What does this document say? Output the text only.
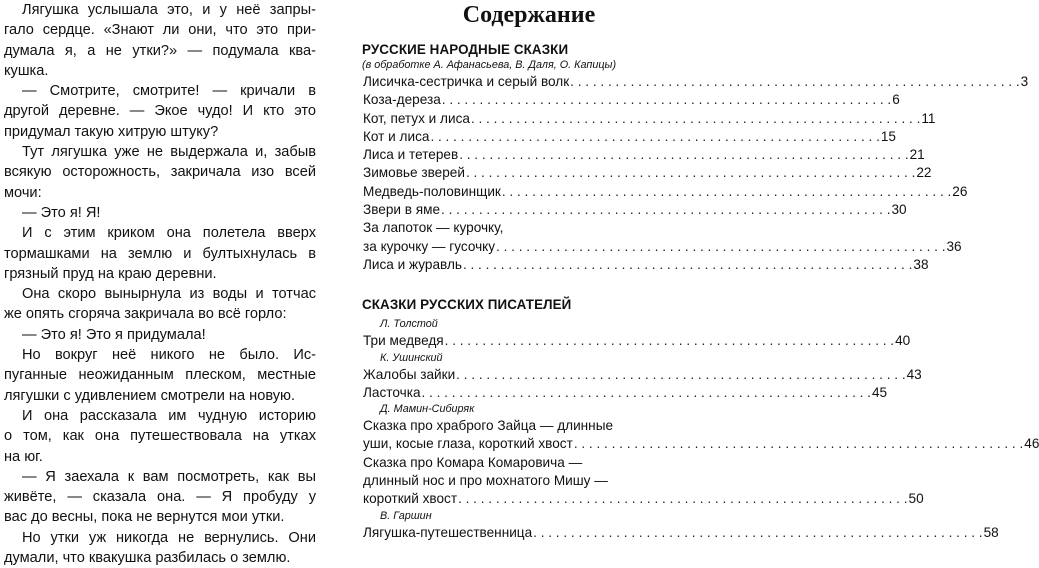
Лягушка услышала это, и у неё запры-
гало сердце. «Знают ли они, что это при-
думала я, а не утки?» — подумала ква-
кушка.
— Смотрите, смотрите! — кричали в
другой деревне. — Экое чудо! И кто это
придумал такую хитрую штуку?
Тут лягушка уже не выдержала и, забыв
всякую осторожность, закричала изо всей
мочи:
— Это я! Я!
И с этим криком она полетела вверх
тормашками на землю и бултыхнулась в
грязный пруд на краю деревни.
Она скоро вынырнула из воды и тотчас
же опять сгоряча закричала во всё горло:
— Это я! Это я придумала!
Но вокруг неё никого не было. Ис-
пуганные неожиданным плеском, местные
лягушки с удивлением смотрели на новую.
И она рассказала им чудную историю
о том, как она путешествовала на утках
на юг.
— Я заехала к вам посмотреть, как вы
живёте, — сказала она. — Я пробуду у
вас до весны, пока не вернутся мои утки.
Но утки уж никогда не вернулись. Они
думали, что квакушка разбилась о землю.
Содержание
РУССКИЕ НАРОДНЫЕ СКАЗКИ
(в обработке А. Афанасьева, В. Даля, О. Капицы)
Лисичка-сестричка и серый волк . . . . . . . . . . . . . . . . . . . . . . . . . . . . . . . . . . . . . . . . . . . . . . . . . . . . . . . . . . . . 3
Коза-дереза . . . . . . . . . . . . . . . . . . . . . . . . . . . . . . . . . . . . . . . . . . . . . . . . . . . . . . . . . . . . 6
Кот, петух и лиса . . . . . . . . . . . . . . . . . . . . . . . . . . . . . . . . . . . . . . . . . . . . . . . . . . . . . . . . . . . . 11
Кот и лиса . . . . . . . . . . . . . . . . . . . . . . . . . . . . . . . . . . . . . . . . . . . . . . . . . . . . . . . . . . . . 15
Лиса и тетерев . . . . . . . . . . . . . . . . . . . . . . . . . . . . . . . . . . . . . . . . . . . . . . . . . . . . . . . . . . . . 21
Зимовье зверей . . . . . . . . . . . . . . . . . . . . . . . . . . . . . . . . . . . . . . . . . . . . . . . . . . . . . . . . . . . . 22
Медведь-половинщик . . . . . . . . . . . . . . . . . . . . . . . . . . . . . . . . . . . . . . . . . . . . . . . . . . . . . . . . . . . . 26
Звери в яме . . . . . . . . . . . . . . . . . . . . . . . . . . . . . . . . . . . . . . . . . . . . . . . . . . . . . . . . . . . . 30
За лапоток — курочку,
за курочку — гусочку . . . . . . . . . . . . . . . . . . . . . . . . . . . . . . . . . . . . . . . . . . . . . . . . . . . . . . . . . . . . 36
Лиса и журавль . . . . . . . . . . . . . . . . . . . . . . . . . . . . . . . . . . . . . . . . . . . . . . . . . . . . . . . . . . . . 38
СКАЗКИ РУССКИХ ПИСАТЕЛЕЙ
Л. Толстой
Три медведя . . . . . . . . . . . . . . . . . . . . . . . . . . . . . . . . . . . . . . . . . . . . . . . . . . . . . . . . . . . . 40
К. Ушинский
Жалобы зайки . . . . . . . . . . . . . . . . . . . . . . . . . . . . . . . . . . . . . . . . . . . . . . . . . . . . . . . . . . . . 43
Ласточка . . . . . . . . . . . . . . . . . . . . . . . . . . . . . . . . . . . . . . . . . . . . . . . . . . . . . . . . . . . . 45
Д. Мамин-Сибиряк
Сказка про храброго Зайца — длинные
уши, косые глаза, короткий хвост . . . . . . . . . . . . . . . . . . . . . . . . . . . . . . . . . . . . . . . . . . . . . . . . . . . . . . . . . . . . 46
Сказка про Комара Комаровича —
длинный нос и про мохнатого Мишу —
короткий хвост . . . . . . . . . . . . . . . . . . . . . . . . . . . . . . . . . . . . . . . . . . . . . . . . . . . . . . . . . . . . 50
В. Гаршин
Лягушка-путешественница . . . . . . . . . . . . . . . . . . . . . . . . . . . . . . . . . . . . . . . . . . . . . . . . . . . . . . . . . . . . 58
